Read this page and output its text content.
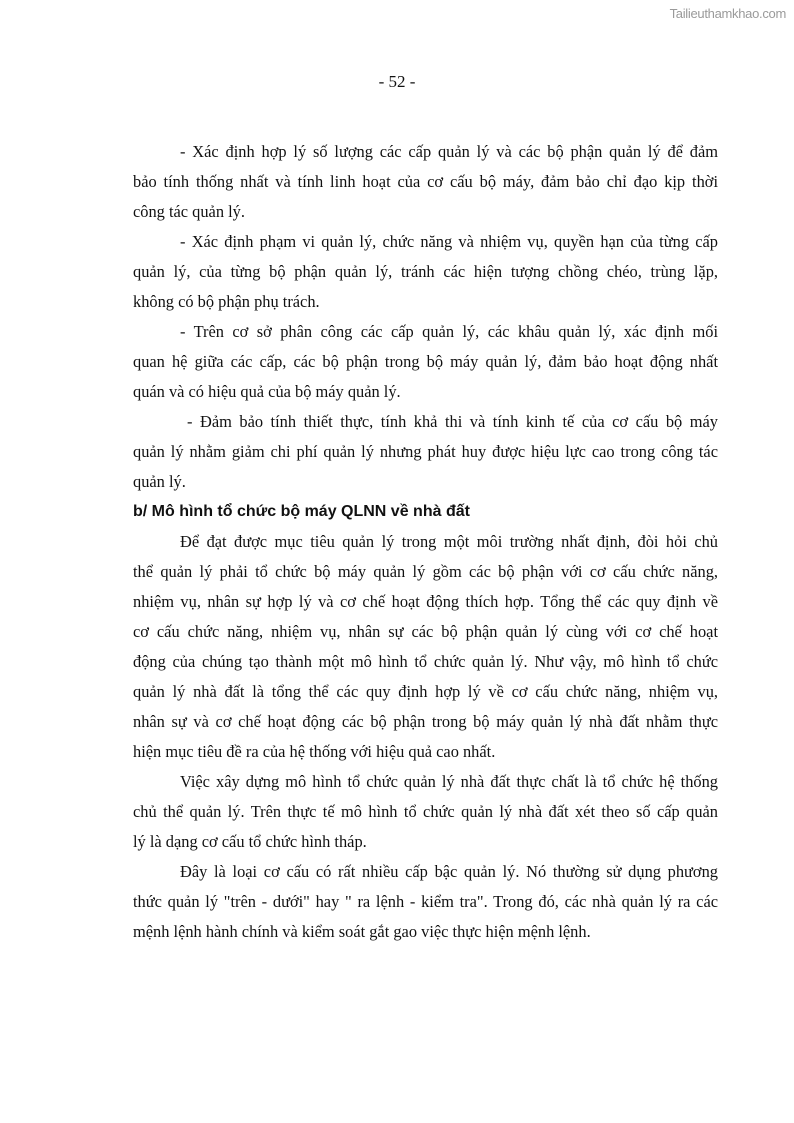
Tailieuthamkhao.com
- 52 -
- Xác định hợp lý số lượng các cấp quản lý và các bộ phận quản lý để đảm
bảo tính thống nhất và tính linh hoạt của cơ cấu bộ máy, đảm bảo chỉ đạo kịp thời
công tác quản lý.
- Xác định phạm vi quản lý, chức năng và nhiệm vụ, quyền hạn của từng cấp
quản lý, của từng bộ phận quản lý, tránh các hiện tượng chồng chéo, trùng lặp,
không có bộ phận phụ trách.
- Trên cơ sở phân công các cấp quản lý, các khâu quản lý, xác định mối
quan hệ giữa các cấp, các bộ phận trong bộ máy quản lý, đảm bảo hoạt động nhất
quán và có hiệu quả của bộ máy quản lý.
- Đảm bảo tính thiết thực, tính khả thi và tính kinh tế của cơ cấu bộ máy
quản lý nhằm giảm chi phí quản lý nhưng phát huy được hiệu lực cao trong công tác
quản lý.
b/ Mô hình tổ chức bộ máy QLNN về nhà đất
Để đạt được mục tiêu quản lý trong một môi trường nhất định, đòi hỏi chủ
thể quản lý phải tổ chức bộ máy quản lý gồm các bộ phận với cơ cấu chức năng,
nhiệm vụ, nhân sự hợp lý và cơ chế hoạt động thích hợp. Tổng thể các quy định về
cơ cấu chức năng, nhiệm vụ, nhân sự các bộ phận quản lý cùng với cơ chế hoạt
động của chúng tạo thành một mô hình tổ chức quản lý. Như vậy, mô hình tổ chức
quản lý nhà đất là tổng thể các quy định hợp lý về cơ cấu chức năng, nhiệm vụ,
nhân sự và cơ chế hoạt động các bộ phận trong bộ máy quản lý nhà đất nhằm thực
hiện mục tiêu đề ra của hệ thống với hiệu quả cao nhất.
Việc xây dựng mô hình tổ chức quản lý nhà đất thực chất là tổ chức hệ thống
chủ thể quản lý. Trên thực tế mô hình tổ chức quản lý nhà đất xét theo số cấp quản
lý là dạng cơ cấu tổ chức hình tháp.
Đây là loại cơ cấu có rất nhiều cấp bậc quản lý. Nó thường sử dụng phương
thức quản lý "trên - dưới" hay " ra lệnh - kiểm tra". Trong đó, các nhà quản lý ra các
mệnh lệnh hành chính và kiểm soát gắt gao việc thực hiện mệnh lệnh.
